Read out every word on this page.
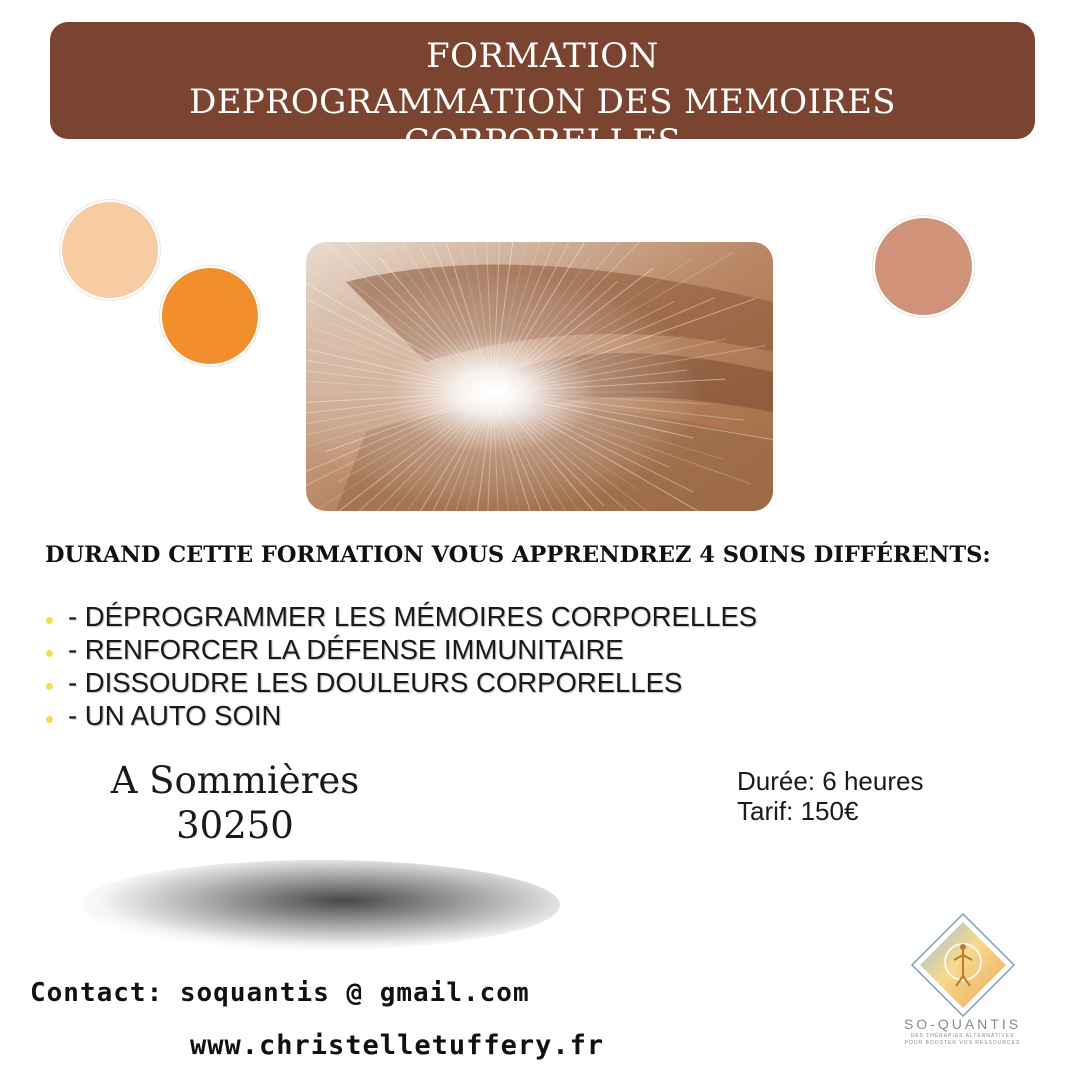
FORMATION
DEPROGRAMMATION DES MEMOIRES CORPORELLES
DURAND CETTE FORMATION VOUS APPRENDREZ 4 SOINS DIFFÉRENTS:
- DÉPROGRAMMER LES MÉMOIRES CORPORELLES
- RENFORCER LA DÉFENSE IMMUNITAIRE
- DISSOUDRE LES DOULEURS CORPORELLES
- UN AUTO SOIN
A Sommières
30250
Durée: 6 heures
Tarif: 150€
Contact: soquantis @ gmail.com
www.christelletuffery.fr
SO-QUANTIS
DES THÉRAPIES ALTERNATIVES
POUR BOOSTER VOS RESSOURCES
